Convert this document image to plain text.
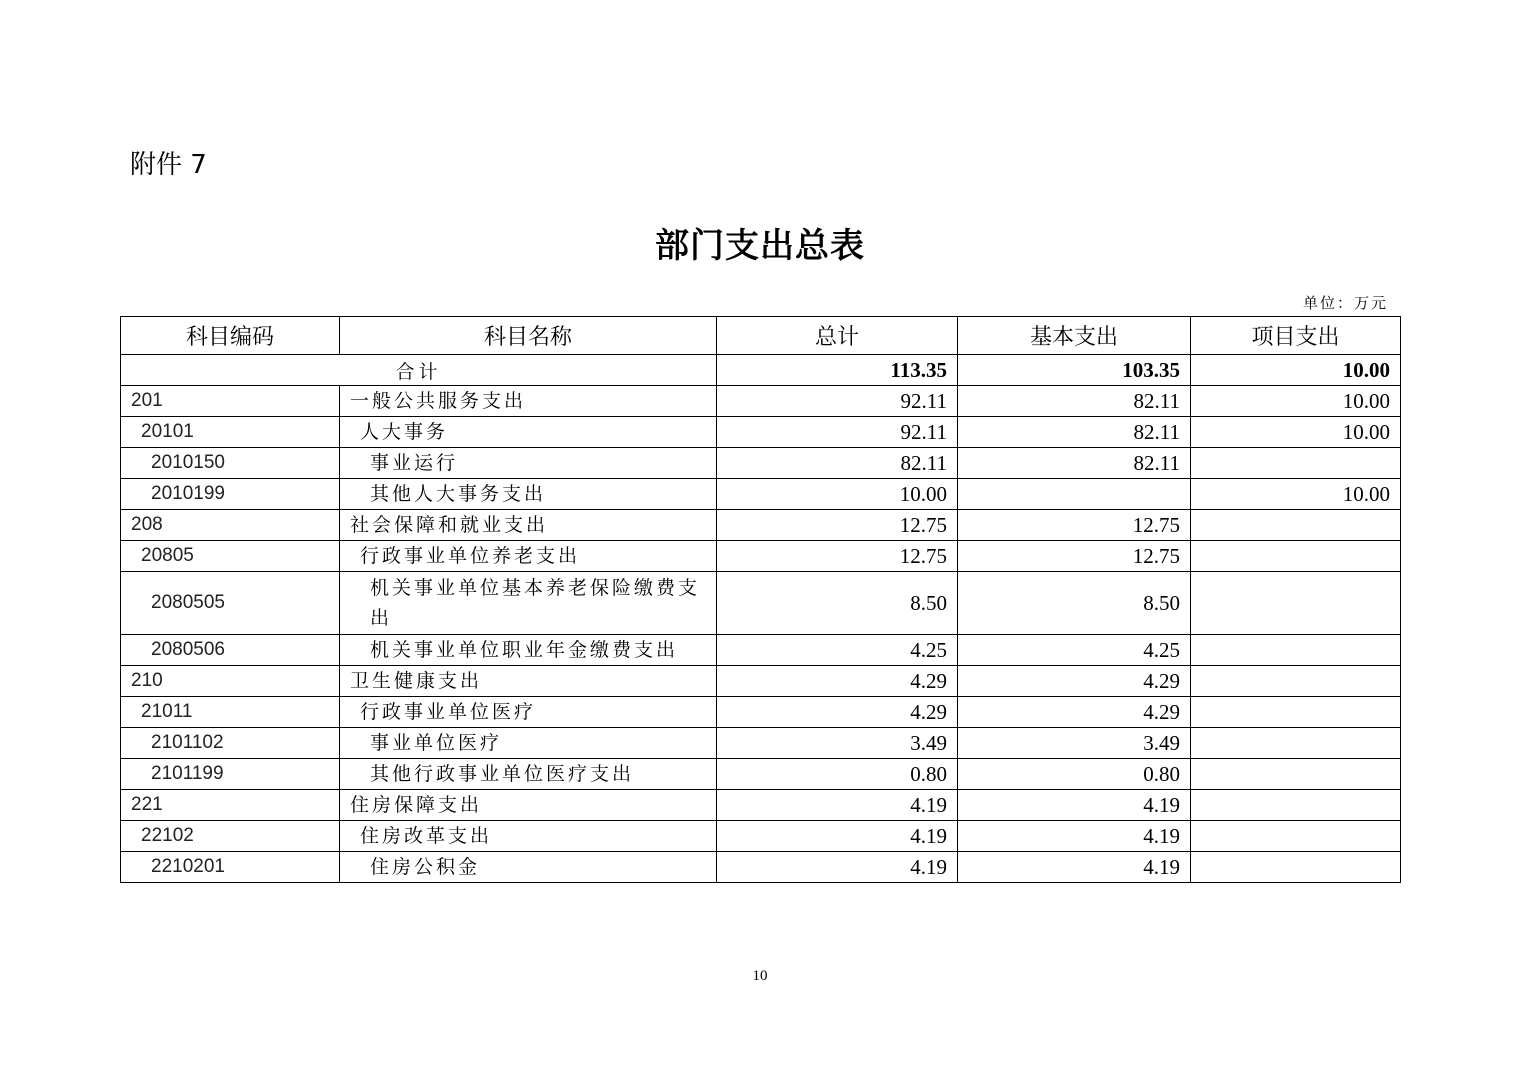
附件 7
部门支出总表
单位：万元
科目编码	科目名称	总计	基本支出	项目支出
合计		113.35	103.35	10.00
201	一般公共服务支出	92.11	82.11	10.00
20101	人大事务	92.11	82.11	10.00
2010150	事业运行	82.11	82.11	
2010199	其他人大事务支出	10.00		10.00
208	社会保障和就业支出	12.75	12.75	
20805	行政事业单位养老支出	12.75	12.75	
2080505	机关事业单位基本养老保险缴费支出	8.50	8.50	
2080506	机关事业单位职业年金缴费支出	4.25	4.25	
210	卫生健康支出	4.29	4.29	
21011	行政事业单位医疗	4.29	4.29	
2101102	事业单位医疗	3.49	3.49	
2101199	其他行政事业单位医疗支出	0.80	0.80	
221	住房保障支出	4.19	4.19	
22102	住房改革支出	4.19	4.19	
2210201	住房公积金	4.19	4.19	
10
